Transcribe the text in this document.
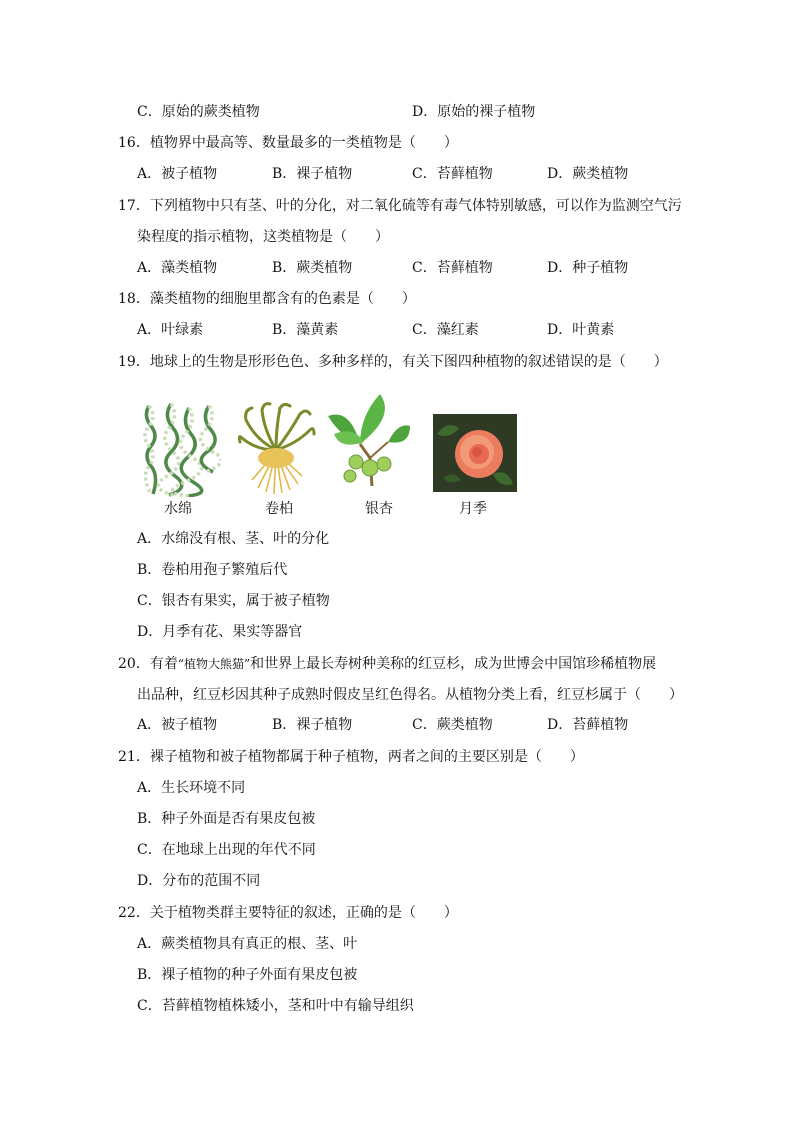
C．原始的蕨类植物	D．原始的裸子植物
16．植物界中最高等、数量最多的一类植物是（　　）
A．被子植物	B．裸子植物	C．苔藓植物	D．蕨类植物
17．下列植物中只有茎、叶的分化，对二氧化硫等有毒气体特别敏感，可以作为监测空气污
染程度的指示植物，这类植物是（　　）
A．藻类植物	B．蕨类植物	C．苔藓植物	D．种子植物
18．藻类植物的细胞里都含有的色素是（　　）
A．叶绿素	B．藻黄素	C．藻红素	D．叶黄素
19．地球上的生物是形形色色、多种多样的，有关下图四种植物的叙述错误的是（　　）
水绵	卷柏	银杏	月季
A．水绵没有根、茎、叶的分化
B．卷柏用孢子繁殖后代
C．银杏有果实，属于被子植物
D．月季有花、果实等器官
20．有着“植物大熊猫”和世界上最长寿树种美称的红豆杉，成为世博会中国馆珍稀植物展
出品种，红豆杉因其种子成熟时假皮呈红色得名。从植物分类上看，红豆杉属于（　　）
A．被子植物	B．裸子植物	C．蕨类植物	D．苔藓植物
21．裸子植物和被子植物都属于种子植物，两者之间的主要区别是（　　）
A．生长环境不同
B．种子外面是否有果皮包被
C．在地球上出现的年代不同
D．分布的范围不同
22．关于植物类群主要特征的叙述，正确的是（　　）
A．蕨类植物具有真正的根、茎、叶
B．裸子植物的种子外面有果皮包被
C．苔藓植物植株矮小，茎和叶中有输导组织
